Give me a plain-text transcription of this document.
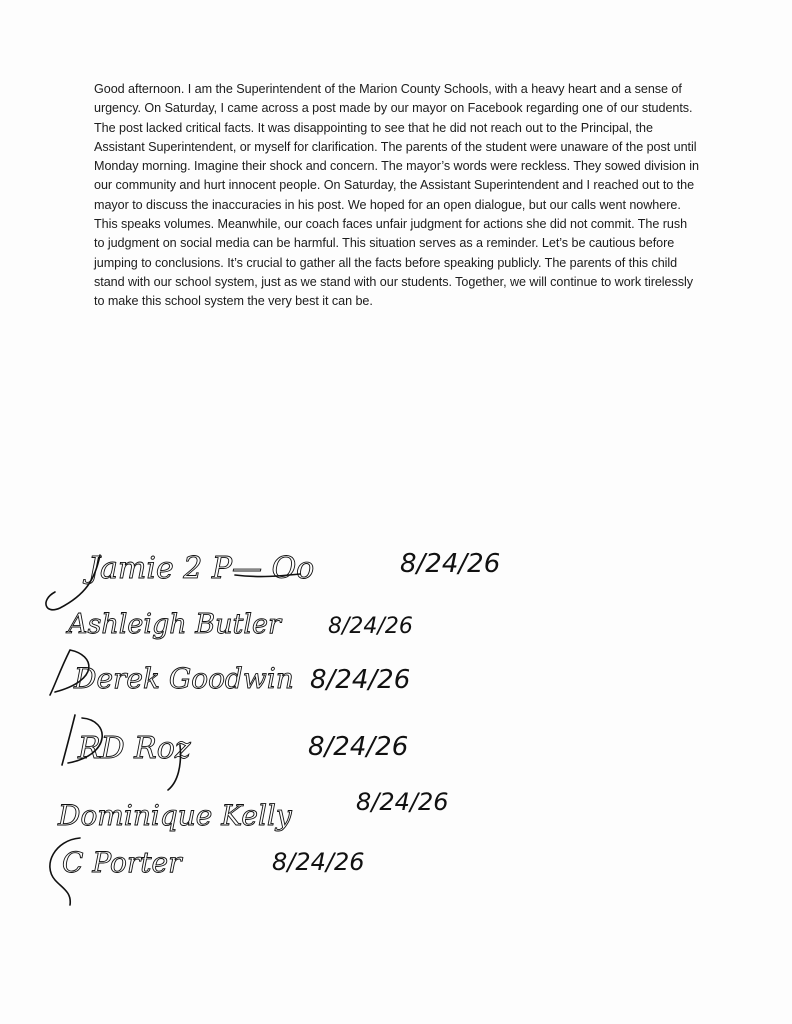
Good afternoon. I am the Superintendent of the Marion County Schools, with a heavy heart and a sense of urgency. On Saturday, I came across a post made by our mayor on Facebook regarding one of our students. The post lacked critical facts. It was disappointing to see that he did not reach out to the Principal, the Assistant Superintendent, or myself for clarification. The parents of the student were unaware of the post until Monday morning. Imagine their shock and concern. The mayor’s words were reckless. They sowed division in our community and hurt innocent people. On Saturday, the Assistant Superintendent and I reached out to the mayor to discuss the inaccuracies in his post. We hoped for an open dialogue, but our calls went nowhere. This speaks volumes. Meanwhile, our coach faces unfair judgment for actions she did not commit. The rush to judgment on social media can be harmful. This situation serves as a reminder. Let’s be cautious before jumping to conclusions. It’s crucial to gather all the facts before speaking publicly. The parents of this child stand with our school system, just as we stand with our students. Together, we will continue to work tirelessly to make this school system the very best it can be.

Jamie 2 P— Oo	8/24/26
Ashleigh Butler 8/24/26
Derek Goodwin 8/24/26
RD Roz	8/24/26
Dominique Kelly	8/24/26
C Porter	8/24/26
